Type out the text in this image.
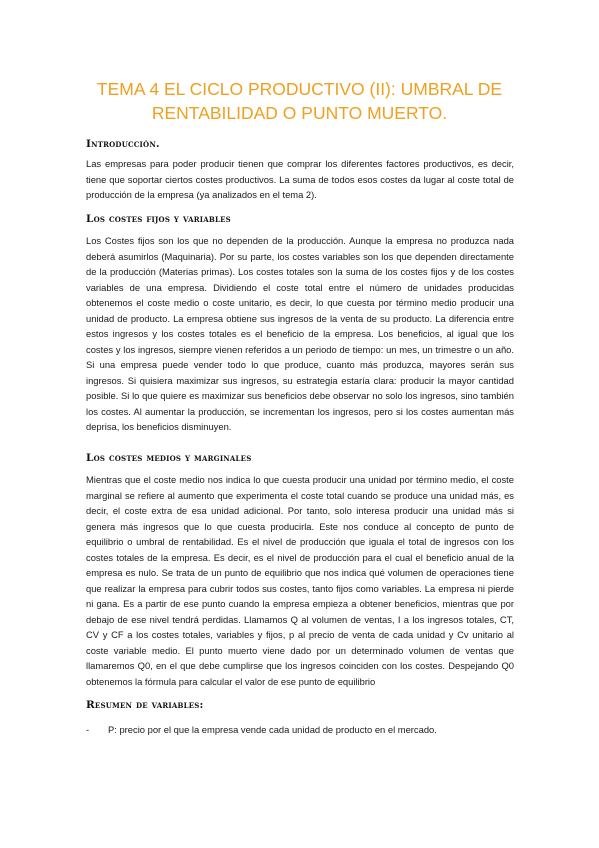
TEMA 4 EL CICLO PRODUCTIVO (II): UMBRAL DE RENTABILIDAD O PUNTO MUERTO.
Introducción.

Las empresas para poder producir tienen que comprar los diferentes factores productivos, es decir, tiene que soportar ciertos costes productivos. La suma de todos esos costes da lugar al coste total de producción de la empresa (ya analizados en el tema 2).

Los costes fijos y variables

Los Costes fijos son los que no dependen de la producción. Aunque la empresa no produzca nada deberá asumirlos (Maquinaria). Por su parte, los costes variables son los que dependen directamente de la producción (Materias primas). Los costes totales son la suma de los costes fijos y de los costes variables de una empresa. Dividiendo el coste total entre el número de unidades producidas obtenemos el coste medio o coste unitario, es decir, lo que cuesta por término medio producir una unidad de producto. La empresa obtiene sus ingresos de la venta de su producto. La diferencia entre estos ingresos y los costes totales es el beneficio de la empresa. Los beneficios, al igual que los costes y los ingresos, siempre vienen referidos a un periodo de tiempo: un mes, un trimestre o un año. Si una empresa puede vender todo lo que produce, cuanto más produzca, mayores serán sus ingresos. Si quisiera maximizar sus ingresos, su estrategia estaría clara: producir la mayor cantidad posible. Si lo que quiere es maximizar sus beneficios debe observar no solo los ingresos, sino también los costes. Al aumentar la producción, se incrementan los ingresos, pero si los costes aumentan más deprisa, los beneficios disminuyen.

Los costes medios y marginales

Mientras que el coste medio nos indica lo que cuesta producir una unidad por término medio, el coste marginal se refiere al aumento que experimenta el coste total cuando se produce una unidad más, es decir, el coste extra de esa unidad adicional. Por tanto, solo interesa producir una unidad más si genera más ingresos que lo que cuesta producirla. Este nos conduce al concepto de punto de equilibrio o umbral de rentabilidad. Es el nivel de producción que iguala el total de ingresos con los costes totales de la empresa. Es decir, es el nivel de producción para el cual el beneficio anual de la empresa es nulo. Se trata de un punto de equilibrio que nos indica qué volumen de operaciones tiene que realizar la empresa para cubrir todos sus costes, tanto fijos como variables. La empresa ni pierde ni gana. Es a partir de ese punto cuando la empresa empieza a obtener beneficios, mientras que por debajo de ese nivel tendrá perdidas. Llamamos Q al volumen de ventas, I a los ingresos totales, CT, CV y CF a los costes totales, variables y fijos, p al precio de venta de cada unidad y Cv unitario al coste variable medio. El punto muerto viene dado por un determinado volumen de ventas que llamaremos Q0, en el que debe cumplirse que los ingresos coinciden con los costes. Despejando Q0 obtenemos la fórmula para calcular el valor de ese punto de equilibrio

Resumen de variables:
-	P: precio por el que la empresa vende cada unidad de producto en el mercado.
